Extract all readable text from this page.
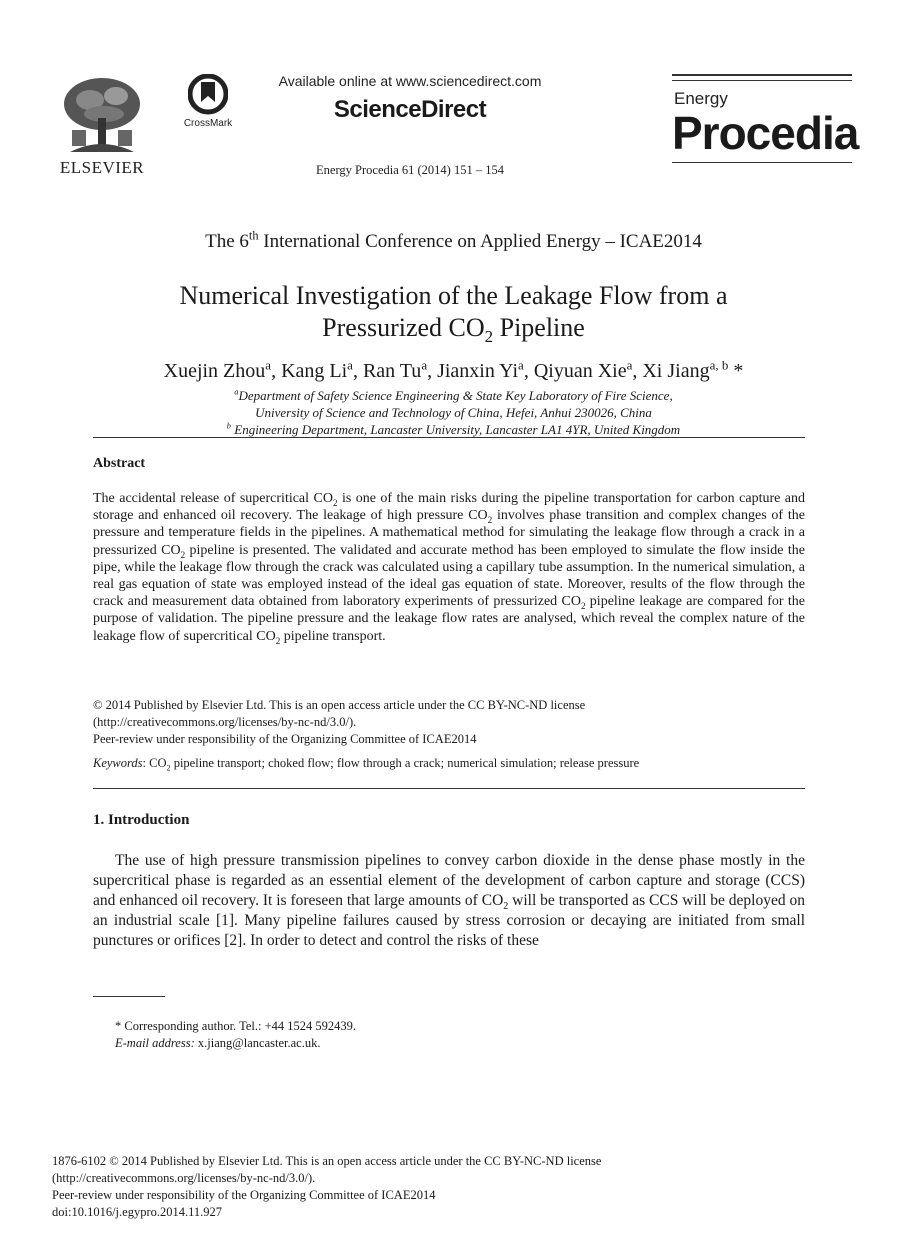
ELSEVIER
CrossMark
Available online at www.sciencedirect.com
ScienceDirect
Energy Procedia 61 (2014) 151 – 154
Energy
Procedia
The 6th International Conference on Applied Energy – ICAE2014
Numerical Investigation of the Leakage Flow from a
Pressurized $CO_2$ Pipeline
Xuejin Zhou$^a$, Kang Li$^a$, Ran Tu$^a$, Jianxin Yi$^a$, Qiyuan Xie$^a$, Xi Jiang$^{a, b}$ *
$^a$Department of Safety Science Engineering & State Key Laboratory of Fire Science,
University of Science and Technology of China, Hefei, Anhui 230026, China
$^b$ Engineering Department, Lancaster University, Lancaster LA1 4YR, United Kingdom
Abstract
The accidental release of supercritical $CO_2$ is one of the main risks during the pipeline transportation for carbon capture and storage and enhanced oil recovery. The leakage of high pressure $CO_2$ involves phase transition and complex changes of the pressure and temperature fields in the pipelines. A mathematical method for simulating the leakage flow through a crack in a pressurized $CO_2$ pipeline is presented. The validated and accurate method has been employed to simulate the flow inside the pipe, while the leakage flow through the crack was calculated using a capillary tube assumption. In the numerical simulation, a real gas equation of state was employed instead of the ideal gas equation of state. Moreover, results of the flow through the crack and measurement data obtained from laboratory experiments of pressurized $CO_2$ pipeline leakage are compared for the purpose of validation. The pipeline pressure and the leakage flow rates are analysed, which reveal the complex nature of the leakage flow of supercritical $CO_2$ pipeline transport.
© 2014 Published by Elsevier Ltd. This is an open access article under the CC BY-NC-ND license
(http://creativecommons.org/licenses/by-nc-nd/3.0/).
Peer-review under responsibility of the Organizing Committee of ICAE2014
Keywords: $CO_2$ pipeline transport; choked flow; flow through a crack; numerical simulation; release pressure
1. Introduction
The use of high pressure transmission pipelines to convey carbon dioxide in the dense phase mostly in the supercritical phase is regarded as an essential element of the development of carbon capture and storage (CCS) and enhanced oil recovery. It is foreseen that large amounts of $CO_2$ will be transported as CCS will be deployed on an industrial scale [1]. Many pipeline failures caused by stress corrosion or decaying are initiated from small punctures or orifices [2]. In order to detect and control the risks of these
* Corresponding author. Tel.: +44 1524 592439.
E-mail address: x.jiang@lancaster.ac.uk.
1876-6102 © 2014 Published by Elsevier Ltd. This is an open access article under the CC BY-NC-ND license
(http://creativecommons.org/licenses/by-nc-nd/3.0/).
Peer-review under responsibility of the Organizing Committee of ICAE2014
doi:10.1016/j.egypro.2014.11.927
